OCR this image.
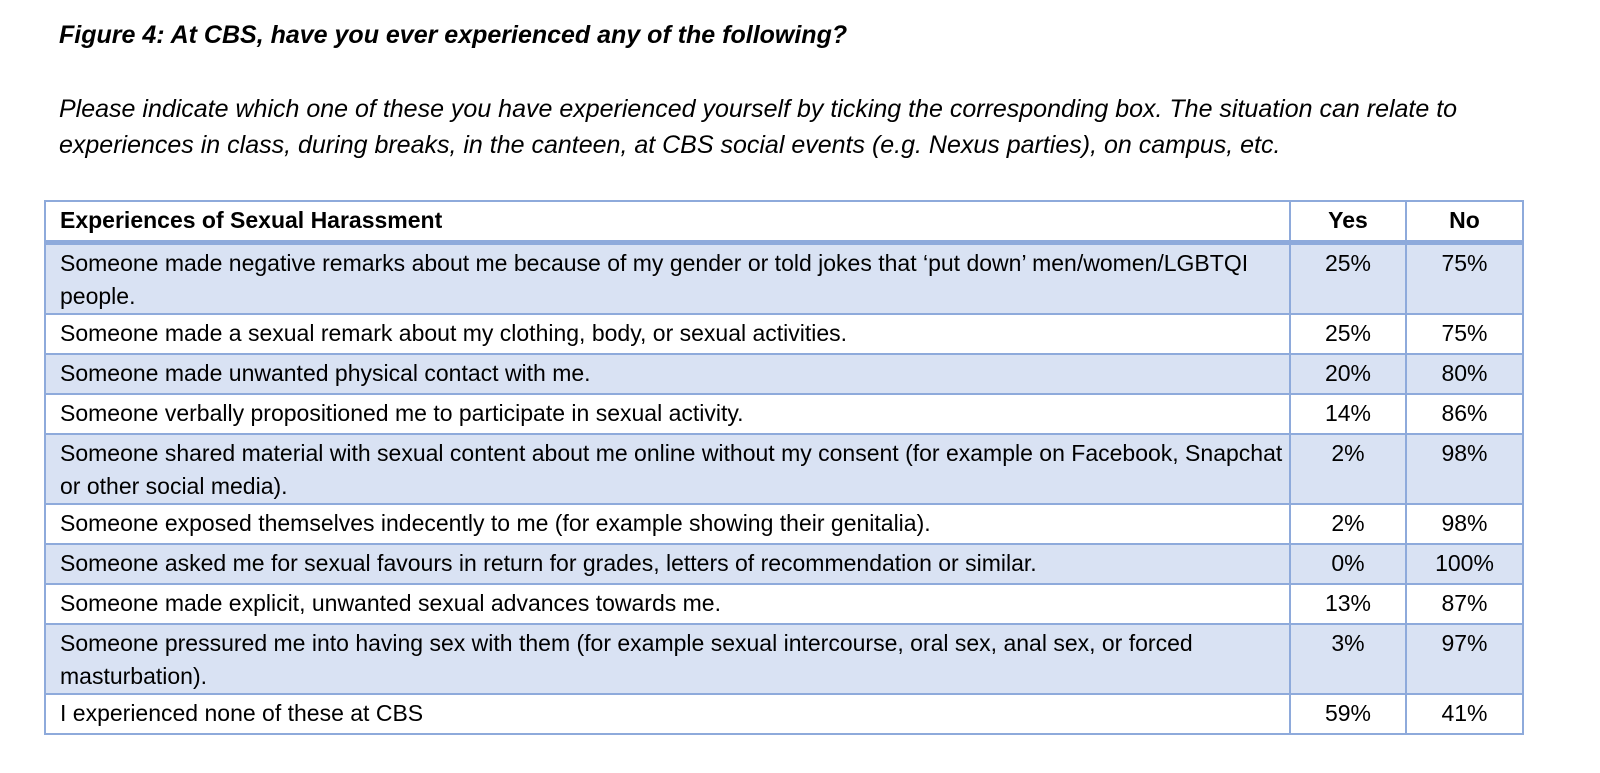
Figure 4: At CBS, have you ever experienced any of the following?

Please indicate which one of these you have experienced yourself by ticking the corresponding box. The situation can relate to experiences in class, during breaks, in the canteen, at CBS social events (e.g. Nexus parties), on campus, etc.

Experiences of Sexual Harassment	Yes	No
Someone made negative remarks about me because of my gender or told jokes that ‘put down’ men/women/LGBTQI people.	25%	75%
Someone made a sexual remark about my clothing, body, or sexual activities.	25%	75%
Someone made unwanted physical contact with me.	20%	80%
Someone verbally propositioned me to participate in sexual activity.	14%	86%
Someone shared material with sexual content about me online without my consent (for example on Facebook, Snapchat or other social media).	2%	98%
Someone exposed themselves indecently to me (for example showing their genitalia).	2%	98%
Someone asked me for sexual favours in return for grades, letters of recommendation or similar.	0%	100%
Someone made explicit, unwanted sexual advances towards me.	13%	87%
Someone pressured me into having sex with them (for example sexual intercourse, oral sex, anal sex, or forced masturbation).	3%	97%
I experienced none of these at CBS	59%	41%
